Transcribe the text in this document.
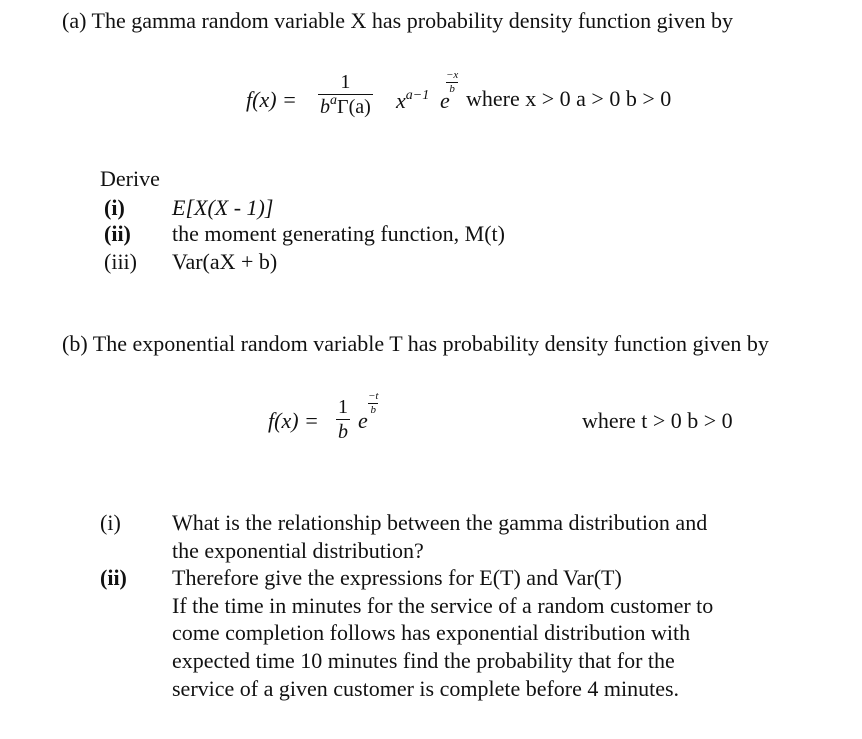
(a) The gamma random variable X has probability density function given by
f(x) =
1
$b^a\Gamma(a)$ $x^{a-1}$ e
−x
b where x > 0 a > 0 b > 0
Derive
(i) E[X(X - 1)]
(ii) the moment generating function, M(t)
(iii) Var(aX + b)
(b) The exponential random variable T has probability density function given by
f(x) =
1
b e
−t
b	where t > 0 b > 0
(i) What is the relationship between the gamma distribution and
the exponential distribution?
(ii) Therefore give the expressions for E(T) and Var(T)
If the time in minutes for the service of a random customer to
come completion follows has exponential distribution with
expected time 10 minutes find the probability that for the
service of a given customer is complete before 4 minutes.
